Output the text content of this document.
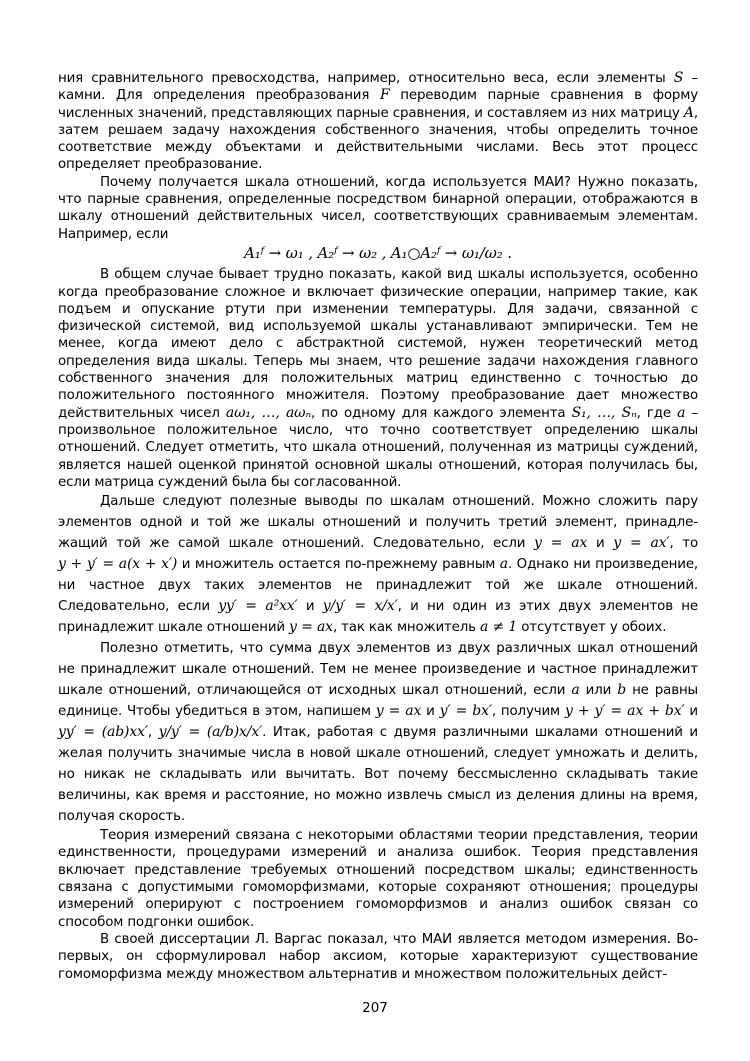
ния сравнительного превосходства, например, относительно веса, если элементы S – камни. Для определения преобразования F переводим парные сравнения в форму численных значений, представляющих парные сравнения, и составляем из них матрицу A, затем решаем задачу нахождения собственного значения, чтобы определить точное соответствие между объектами и действительными числами. Весь этот процесс определяет преобразование.

Почему получается шкала отношений, когда используется МАИ? Нужно показать, что парные сравнения, определенные посредством бинарной операции, отображаются в шкалу отношений действительных чисел, соответствующих сравниваемым элементам. Например, если

A₁ᶠ → ω₁ , A₂ᶠ → ω₂ , A₁○A₂ᶠ → ω₁/ω₂ .

В общем случае бывает трудно показать, какой вид шкалы используется, особенно когда преобразование сложное и включает физические операции, например такие, как подъем и опускание ртути при изменении температуры. Для задачи, связанной с физической системой, вид используемой шкалы устанавливают эмпирически. Тем не менее, когда имеют дело с абстрактной системой, нужен теоретический метод определения вида шкалы. Теперь мы знаем, что решение задачи нахождения главного собственного значения для положительных матриц единственно с точностью до положительного постоянного множителя. Поэтому преобразование дает множество действительных чисел aω₁, …, aωₙ, по одному для каждого элемента S₁, …, Sₙ, где a – произвольное положительное число, что точно соответствует определению шкалы отношений. Следует отметить, что шкала отношений, полученная из матрицы суждений, является нашей оценкой принятой основной шкалы отношений, которая получилась бы, если матрица суждений была бы согласованной.

Дальше следуют полезные выводы по шкалам отношений. Можно сложить пару элементов одной и той же шкалы отношений и получить третий элемент, принадлежащий той же самой шкале отношений. Следовательно, если y = ax и y = ax′, то y + y′ = a(x + x′) и множитель остается по-прежнему равным a. Однако ни произведение, ни частное двух таких элементов не принадлежит той же шкале отношений. Следовательно, если yy′ = a²xx′ и y/y′ = x/x′, и ни один из этих двух элементов не принадлежит шкале отношений y = ax, так как множитель a ≠ 1 отсутствует у обоих.

Полезно отметить, что сумма двух элементов из двух различных шкал отношений не принадлежит шкале отношений. Тем не менее произведение и частное принадлежит шкале отношений, отличающейся от исходных шкал отношений, если a или b не равны единице. Чтобы убедиться в этом, напишем y = ax и y′ = bx′, получим y + y′ = ax + bx′ и yy′ = (ab)xx′, y/y′ = (a/b)x/x′. Итак, работая с двумя различными шкалами отношений и желая получить значимые числа в новой шкале отношений, следует умножать и делить, но никак не складывать или вычитать. Вот почему бессмысленно складывать такие величины, как время и расстояние, но можно извлечь смысл из деления длины на время, получая скорость.

Теория измерений связана с некоторыми областями теории представления, теории единственности, процедурами измерений и анализа ошибок. Теория представления включает представление требуемых отношений посредством шкалы; единственность связана с допустимыми гомоморфизмами, которые сохраняют отношения; процедуры измерений оперируют с построением гомоморфизмов и анализ ошибок связан со способом подгонки ошибок.

В своей диссертации Л. Варгас показал, что МАИ является методом измерения. Во-первых, он сформулировал набор аксиом, которые характеризуют существование гомоморфизма между множеством альтернатив и множеством положительных дейст-

207
